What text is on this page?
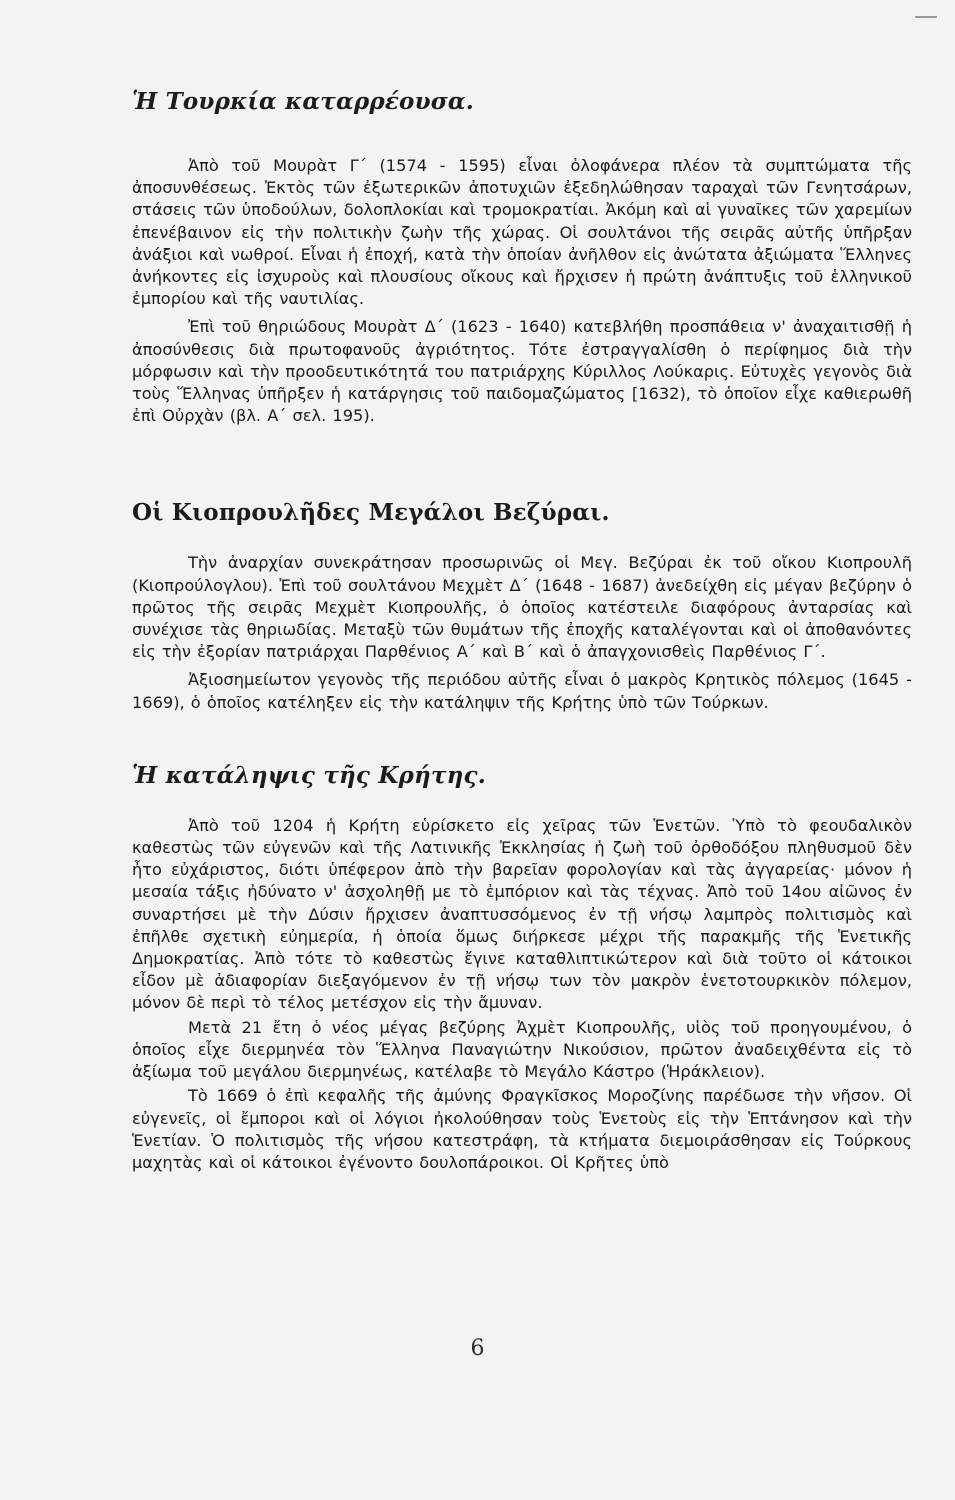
Ἡ Τουρκία καταρρέουσα.

Ἀπὸ τοῦ Μουρὰτ Γ΄ (1574 - 1595) εἶναι ὁλοφάνερα πλέον τὰ συμπτώματα τῆς ἀποσυνθέσεως. Ἐκτὸς τῶν ἐξωτερικῶν ἀποτυχιῶν ἐξεδηλώθησαν ταραχαὶ τῶν Γενητσάρων, στάσεις τῶν ὑποδούλων, δολοπλοκίαι καὶ τρομοκρατίαι. Ἀκόμη καὶ αἱ γυναῖκες τῶν χαρεμίων ἐπενέβαινον εἰς τὴν πολιτικὴν ζωὴν τῆς χώρας. Οἱ σουλτάνοι τῆς σειρᾶς αὐτῆς ὑπῆρξαν ἀνάξιοι καὶ νωθροί. Εἶναι ἡ ἐποχή, κατὰ τὴν ὁποίαν ἀνῆλθον εἰς ἀνώτατα ἀξιώματα Ἕλληνες ἀνήκοντες εἰς ἰσχυροὺς καὶ πλουσίους οἴκους καὶ ἤρχισεν ἡ πρώτη ἀνάπτυξις τοῦ ἑλληνικοῦ ἐμπορίου καὶ τῆς ναυτιλίας.

Ἐπὶ τοῦ θηριώδους Μουρὰτ Δ΄ (1623 - 1640) κατεβλήθη προσπάθεια ν' ἀναχαιτισθῇ ἡ ἀποσύνθεσις διὰ πρωτοφανοῦς ἀγριότητος. Τότε ἐστραγγαλίσθη ὁ περίφημος διὰ τὴν μόρφωσιν καὶ τὴν προοδευτικότητά του πατριάρχης Κύριλλος Λούκαρις. Εὐτυχὲς γεγονὸς διὰ τοὺς Ἕλληνας ὑπῆρξεν ἡ κατάργησις τοῦ παιδομαζώματος [1632), τὸ ὁποῖον εἶχε καθιερωθῆ ἐπὶ Οὐρχὰν (βλ. Α΄ σελ. 195).

Οἱ Κιοπρουλῆδες Μεγάλοι Βεζύραι.

Τὴν ἀναρχίαν συνεκράτησαν προσωρινῶς οἱ Μεγ. Βεζύραι ἐκ τοῦ οἴκου Κιοπρουλῆ (Κιοπρούλογλου). Ἐπὶ τοῦ σουλτάνου Μεχμὲτ Δ΄ (1648 - 1687) ἀνεδείχθη εἰς μέγαν βεζύρην ὁ πρῶτος τῆς σειρᾶς Μεχμὲτ Κιοπρουλῆς, ὁ ὁποῖος κατέστειλε διαφόρους ἀνταρσίας καὶ συνέχισε τὰς θηριωδίας. Μεταξὺ τῶν θυμάτων τῆς ἐποχῆς καταλέγονται καὶ οἱ ἀποθανόντες εἰς τὴν ἐξορίαν πατριάρχαι Παρθένιος Α΄ καὶ Β΄ καὶ ὁ ἀπαγχονισθεὶς Παρθένιος Γ΄.

Ἀξιοσημείωτον γεγονὸς τῆς περιόδου αὐτῆς εἶναι ὁ μακρὸς Κρητικὸς πόλεμος (1645 - 1669), ὁ ὁποῖος κατέληξεν εἰς τὴν κατάληψιν τῆς Κρήτης ὑπὸ τῶν Τούρκων.

Ἡ κατάληψις τῆς Κρήτης.

Ἀπὸ τοῦ 1204 ἡ Κρήτη εὑρίσκετο εἰς χεῖρας τῶν Ἑνετῶν. Ὑπὸ τὸ φεουδαλικὸν καθεστὼς τῶν εὐγενῶν καὶ τῆς Λατινικῆς Ἐκκλησίας ἡ ζωὴ τοῦ ὀρθοδόξου πληθυσμοῦ δὲν ἦτο εὐχάριστος, διότι ὑπέφερον ἀπὸ τὴν βαρεῖαν φορολογίαν καὶ τὰς ἀγγαρείας· μόνον ἡ μεσαία τάξις ἠδύνατο ν' ἀσχοληθῇ με τὸ ἐμπόριον καὶ τὰς τέχνας. Ἀπὸ τοῦ 14ου αἰῶνος ἐν συναρτήσει μὲ τὴν Δύσιν ἤρχισεν ἀναπτυσσόμενος ἐν τῇ νήσῳ λαμπρὸς πολιτισμὸς καὶ ἐπῆλθε σχετικὴ εὐημερία, ἡ ὁποία ὅμως διήρκεσε μέχρι τῆς παρακμῆς τῆς Ἑνετικῆς Δημοκρατίας. Ἀπὸ τότε τὸ καθεστὼς ἔγινε καταθλιπτικώτερον καὶ διὰ τοῦτο οἱ κάτοικοι εἶδον μὲ ἀδιαφορίαν διεξαγόμενον ἐν τῇ νήσῳ των τὸν μακρὸν ἑνετοτουρκικὸν πόλεμον, μόνον δὲ περὶ τὸ τέλος μετέσχον εἰς τὴν ἄμυναν.

Μετὰ 21 ἔτη ὁ νέος μέγας βεζύρης Ἀχμὲτ Κιοπρουλῆς, υἱὸς τοῦ προηγουμένου, ὁ ὁποῖος εἶχε διερμηνέα τὸν Ἕλληνα Παναγιώτην Νικούσιον, πρῶτον ἀναδειχθέντα εἰς τὸ ἀξίωμα τοῦ μεγάλου διερμηνέως, κατέλαβε τὸ Μεγάλο Κάστρο (Ἡράκλειον).

Τὸ 1669 ὁ ἐπὶ κεφαλῆς τῆς ἀμύνης Φραγκῖσκος Μοροζίνης παρέδωσε τὴν νῆσον. Οἱ εὐγενεῖς, οἱ ἔμποροι καὶ οἱ λόγιοι ἠκολούθησαν τοὺς Ἑνετοὺς εἰς τὴν Ἑπτάνησον καὶ τὴν Ἑνετίαν. Ὁ πολιτισμὸς τῆς νήσου κατεστράφη, τὰ κτήματα διεμοιράσθησαν εἰς Τούρκους μαχητὰς καὶ οἱ κάτοικοι ἐγένοντο δουλοπάροικοι. Οἱ Κρῆτες ὑπὸ

6
